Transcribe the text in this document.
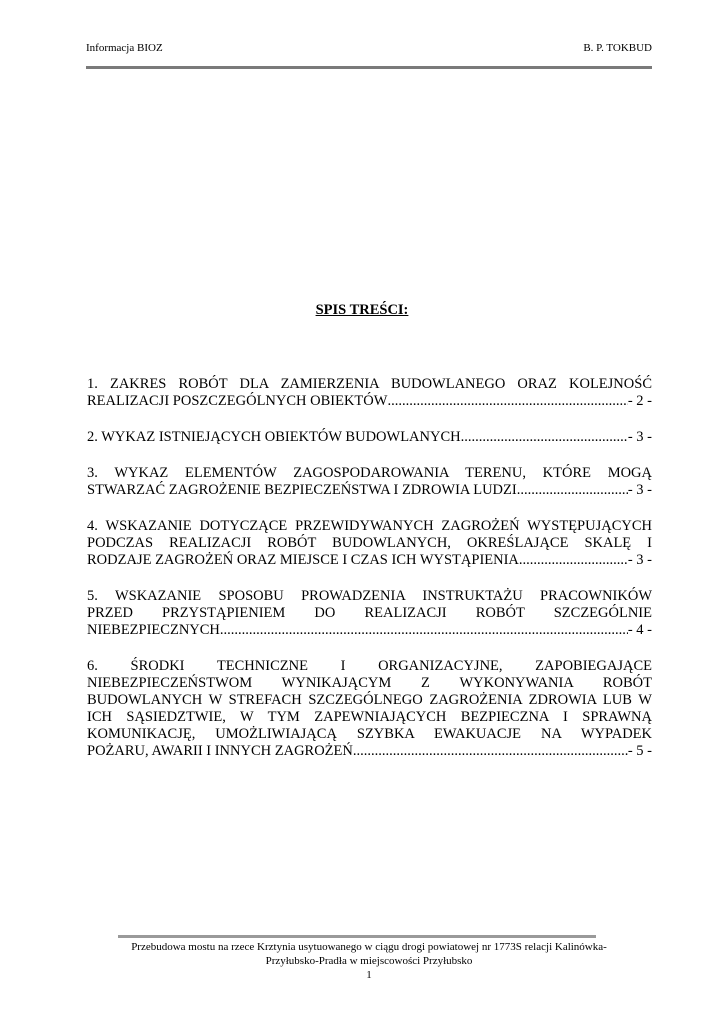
Informacja BIOZ	B. P. TOKBUD
SPIS TREŚCI:
1. ZAKRES ROBÓT DLA ZAMIERZENIA BUDOWLANEGO ORAZ KOLEJNOŚĆ
REALIZACJI POSZCZEGÓLNYCH OBIEKTÓW .....	- 2 -
2. WYKAZ ISTNIEJĄCYCH OBIEKTÓW BUDOWLANYCH .....	- 3 -
3. WYKAZ ELEMENTÓW ZAGOSPODAROWANIA TERENU, KTÓRE MOGĄ
STWARZAĆ ZAGROŻENIE BEZPIECZEŃSTWA I ZDROWIA LUDZI .....	- 3 -
4. WSKAZANIE DOTYCZĄCE PRZEWIDYWANYCH ZAGROŻEŃ WYSTĘPUJĄCYCH
PODCZAS REALIZACJI ROBÓT BUDOWLANYCH, OKREŚLAJĄCE SKALĘ I
RODZAJE ZAGROŻEŃ ORAZ MIEJSCE I CZAS ICH WYSTĄPIENIA .....	- 3 -
5. WSKAZANIE SPOSOBU PROWADZENIA INSTRUKTAŻU PRACOWNIKÓW
PRZED PRZYSTĄPIENIEM DO REALIZACJI ROBÓT SZCZEGÓLNIE
NIEBEZPIECZNYCH .....	- 4 -
6. ŚRODKI TECHNICZNE I ORGANIZACYJNE, ZAPOBIEGAJĄCE
NIEBEZPIECZEŃSTWOM WYNIKAJĄCYM Z WYKONYWANIA ROBÓT
BUDOWLANYCH W STREFACH SZCZEGÓLNEGO ZAGROŻENIA ZDROWIA LUB W
ICH SĄSIEDZTWIE, W TYM ZAPEWNIAJĄCYCH BEZPIECZNA I SPRAWNĄ
KOMUNIKACJĘ, UMOŻLIWIAJĄCĄ SZYBKA EWAKUACJE NA WYPADEK
POŻARU, AWARII I INNYCH ZAGROŻEŃ .....	- 5 -
Przebudowa mostu na rzece Krztynia usytuowanego w ciągu drogi powiatowej nr 1773S relacji Kalinówka-
Przyłubsko-Pradła w miejscowości Przyłubsko
1
